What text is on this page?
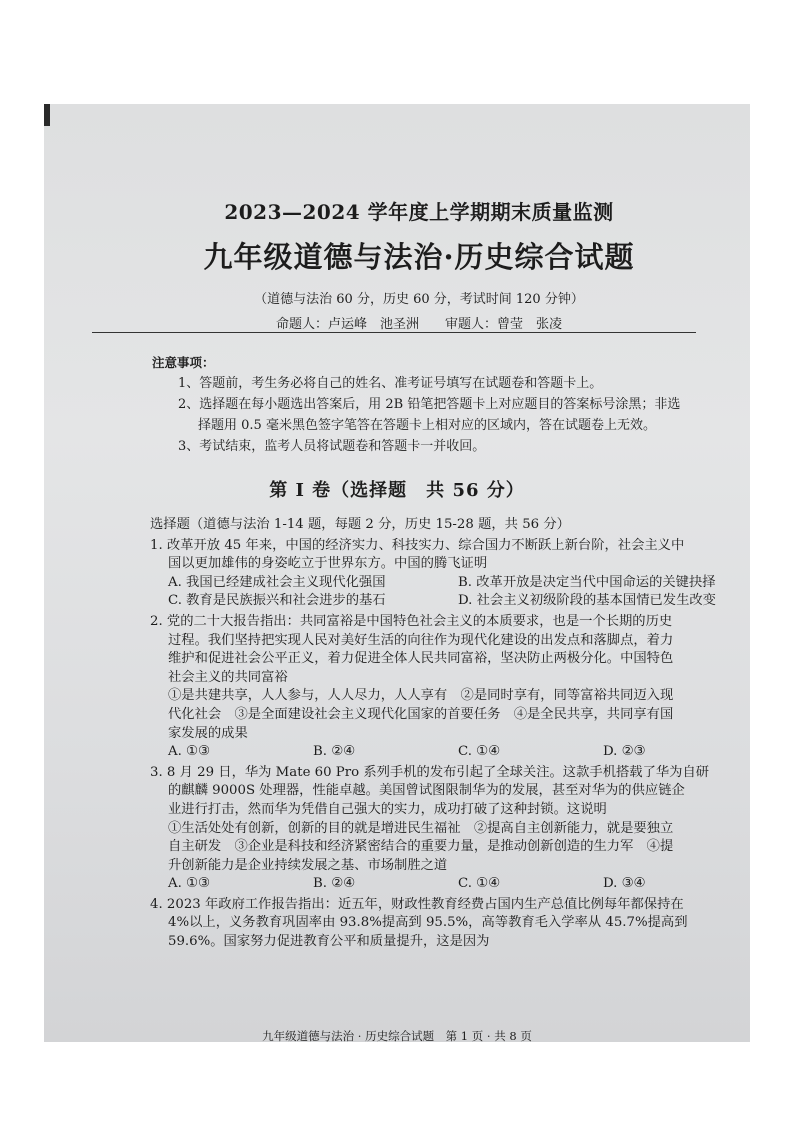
2023—2024 学年度上学期期末质量监测
九年级道德与法治·历史综合试题
（道德与法治 60 分，历史 60 分，考试时间 120 分钟）
命题人：卢运峰　池圣洲　　审题人：曾莹　张凌
注意事项：

1、答题前，考生务必将自己的姓名、准考证号填写在试题卷和答题卡上。

2、选择题在每小题选出答案后，用 2B 铅笔把答题卡上对应题目的答案标号涂黑；非选

择题用 0.5 毫米黑色签字笔答在答题卡上相对应的区域内，答在试题卷上无效。

3、考试结束，监考人员将试题卷和答题卡一并收回。

第 I 卷（选择题　共 56 分）
选择题（道德与法治 1-14 题，每题 2 分，历史 15-28 题，共 56 分）
1. 改革开放 45 年来，中国的经济实力、科技实力、综合国力不断跃上新台阶，社会主义中
国以更加雄伟的身姿屹立于世界东方。中国的腾飞证明
A. 我国已经建成社会主义现代化强国	B. 改革开放是决定当代中国命运的关键抉择
C. 教育是民族振兴和社会进步的基石	D. 社会主义初级阶段的基本国情已发生改变
2. 党的二十大报告指出：共同富裕是中国特色社会主义的本质要求，也是一个长期的历史
过程。我们坚持把实现人民对美好生活的向往作为现代化建设的出发点和落脚点，着力
维护和促进社会公平正义，着力促进全体人民共同富裕，坚决防止两极分化。中国特色
社会主义的共同富裕
①是共建共享，人人参与，人人尽力，人人享有　②是同时享有，同等富裕共同迈入现
代化社会　③是全面建设社会主义现代化国家的首要任务　④是全民共享，共同享有国
家发展的成果
A. ①③	B. ②④	C. ①④	D. ②③
3. 8 月 29 日，华为 Mate 60 Pro 系列手机的发布引起了全球关注。这款手机搭载了华为自研
的麒麟 9000S 处理器，性能卓越。美国曾试图限制华为的发展，甚至对华为的供应链企
业进行打击，然而华为凭借自己强大的实力，成功打破了这种封锁。这说明
①生活处处有创新，创新的目的就是增进民生福祉　②提高自主创新能力，就是要独立
自主研发　③企业是科技和经济紧密结合的重要力量，是推动创新创造的生力军　④提
升创新能力是企业持续发展之基、市场制胜之道
A. ①③	B. ②④	C. ①④	D. ③④
4. 2023 年政府工作报告指出：近五年，财政性教育经费占国内生产总值比例每年都保持在
4%以上，义务教育巩固率由 93.8%提高到 95.5%，高等教育毛入学率从 45.7%提高到
59.6%。国家努力促进教育公平和质量提升，这是因为
九年级道德与法治 · 历史综合试题　第 1 页 · 共 8 页
